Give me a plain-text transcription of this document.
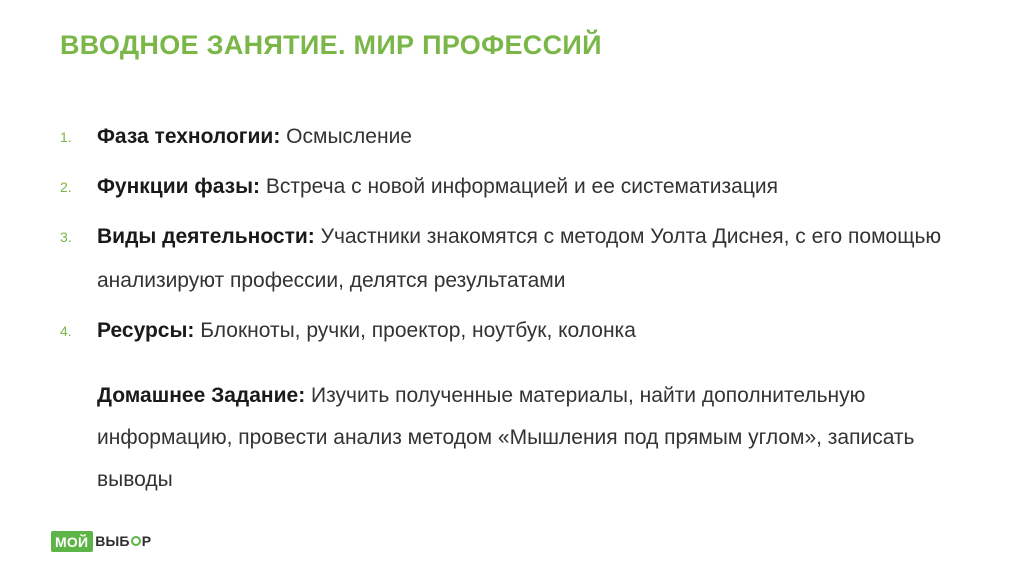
ВВОДНОЕ ЗАНЯТИЕ. МИР ПРОФЕССИЙ
1. Фаза технологии: Осмысление
2. Функции фазы: Встреча с новой информацией и ее систематизация
3. Виды деятельности: Участники знакомятся с методом Уолта Диснея, с его помощью анализируют профессии, делятся результатами
4. Ресурсы: Блокноты, ручки, проектор, ноутбук, колонка

Домашнее Задание: Изучить полученные материалы, найти дополнительную информацию, провести анализ методом «Мышления под прямым углом», записать выводы

МОЙ ВЫБ Р
